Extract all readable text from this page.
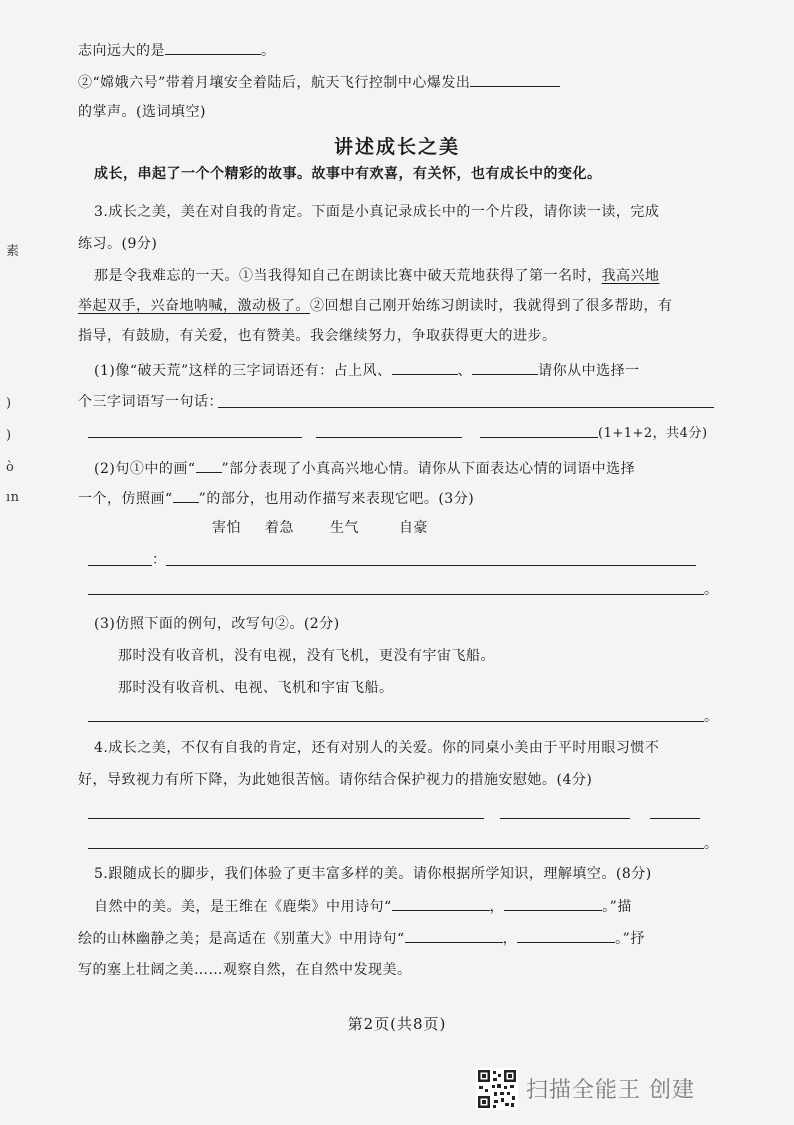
素
)
)
ò
ın
志向远大的是	。
②“嫦娥六号”带着月壤安全着陆后，航天飞行控制中心爆发出
的掌声。(选词填空)
讲述成长之美
成长，串起了一个个精彩的故事。故事中有欢喜，有关怀，也有成长中的变化。
3.成长之美，美在对自我的肯定。下面是小真记录成长中的一个片段，请你读一读，完成
练习。(9分)
那是令我难忘的一天。①当我得知自己在朗读比赛中破天荒地获得了第一名时，我高兴地
举起双手，兴奋地呐喊，激动极了。②回想自己刚开始练习朗读时，我就得到了很多帮助，有
指导，有鼓励，有关爱，也有赞美。我会继续努力，争取获得更大的进步。
(1)像“破天荒”这样的三字词语还有：占上风、	、	请你从中选择一
个三字词语写一句话：
(1+1+2，共4分)
(2)句①中的画“ ”部分表现了小真高兴地心情。请你从下面表达心情的词语中选择
一个，仿照画“ ”的部分，也用动作描写来表现它吧。(3分)
害怕 着急	生气	自豪
：
。
(3)仿照下面的例句，改写句②。(2分)
那时没有收音机，没有电视，没有飞机，更没有宇宙飞船。
那时没有收音机、电视、飞机和宇宙飞船。
。
4.成长之美，不仅有自我的肯定，还有对别人的关爱。你的同桌小美由于平时用眼习惯不
好，导致视力有所下降，为此她很苦恼。请你结合保护视力的措施安慰她。(4分)
。
5.跟随成长的脚步，我们体验了更丰富多样的美。请你根据所学知识，理解填空。(8分)
自然中的美。美，是王维在《鹿柴》中用诗句“	，	。”描
绘的山林幽静之美；是高适在《别董大》中用诗句“	，	。”抒
写的塞上壮阔之美……观察自然，在自然中发现美。
第2页(共8页)
扫描全能王 创建
